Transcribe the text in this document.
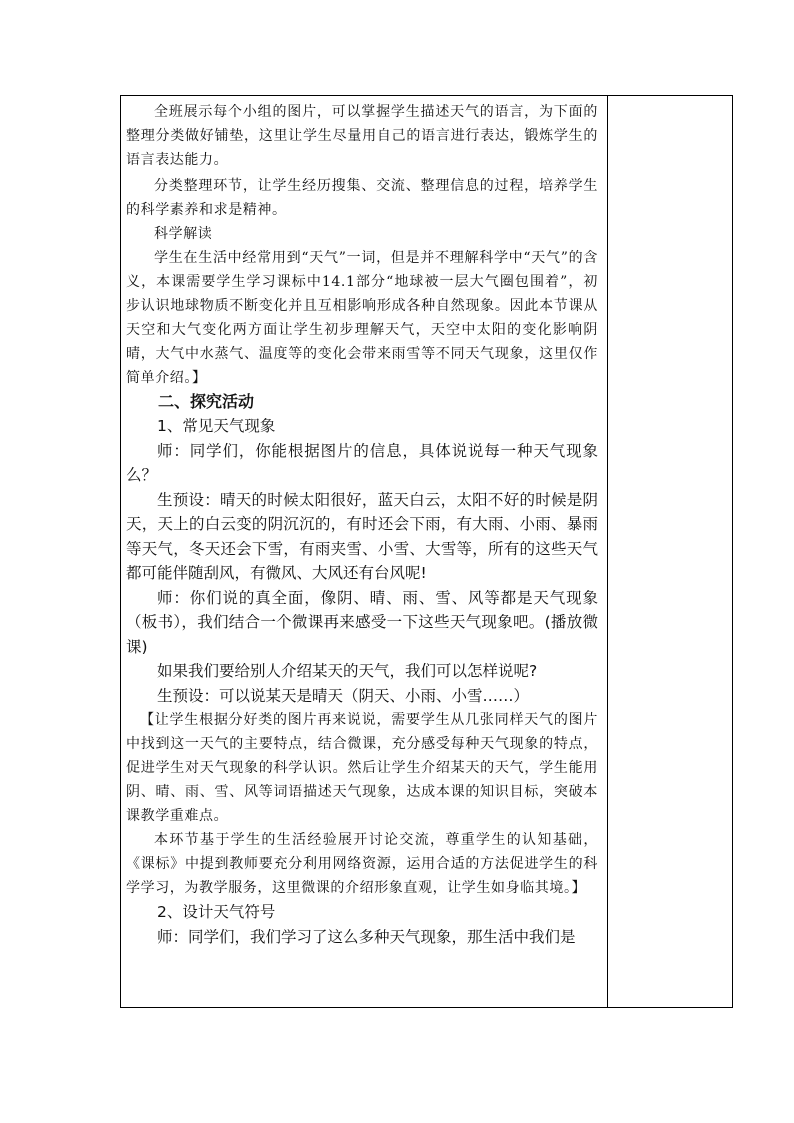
全班展示每个小组的图片，可以掌握学生描述天气的语言，为下面的整理分类做好铺垫，这里让学生尽量用自己的语言进行表达，锻炼学生的语言表达能力。

分类整理环节，让学生经历搜集、交流、整理信息的过程，培养学生的科学素养和求是精神。

科学解读

学生在生活中经常用到“天气”一词，但是并不理解科学中“天气”的含义，本课需要学生学习课标中14.1部分“地球被一层大气圈包围着”，初步认识地球物质不断变化并且互相影响形成各种自然现象。因此本节课从天空和大气变化两方面让学生初步理解天气，天空中太阳的变化影响阴晴，大气中水蒸气、温度等的变化会带来雨雪等不同天气现象，这里仅作简单介绍。】

二、探究活动

1、常见天气现象

师：同学们，你能根据图片的信息，具体说说每一种天气现象么？

生预设：晴天的时候太阳很好，蓝天白云，太阳不好的时候是阴天，天上的白云变的阴沉沉的，有时还会下雨，有大雨、小雨、暴雨等天气，冬天还会下雪，有雨夹雪、小雪、大雪等，所有的这些天气都可能伴随刮风，有微风、大风还有台风呢!

师：你们说的真全面，像阴、晴、雨、雪、风等都是天气现象（板书），我们结合一个微课再来感受一下这些天气现象吧。(播放微课)

如果我们要给别人介绍某天的天气，我们可以怎样说呢?

生预设：可以说某天是晴天（阴天、小雨、小雪……）

【让学生根据分好类的图片再来说说，需要学生从几张同样天气的图片中找到这一天气的主要特点，结合微课，充分感受每种天气现象的特点，促进学生对天气现象的科学认识。然后让学生介绍某天的天气，学生能用阴、晴、雨、雪、风等词语描述天气现象，达成本课的知识目标，突破本课教学重难点。

本环节基于学生的生活经验展开讨论交流，尊重学生的认知基础，《课标》中提到教师要充分利用网络资源，运用合适的方法促进学生的科学学习，为教学服务，这里微课的介绍形象直观，让学生如身临其境。】

2、设计天气符号

师：同学们，我们学习了这么多种天气现象，那生活中我们是
